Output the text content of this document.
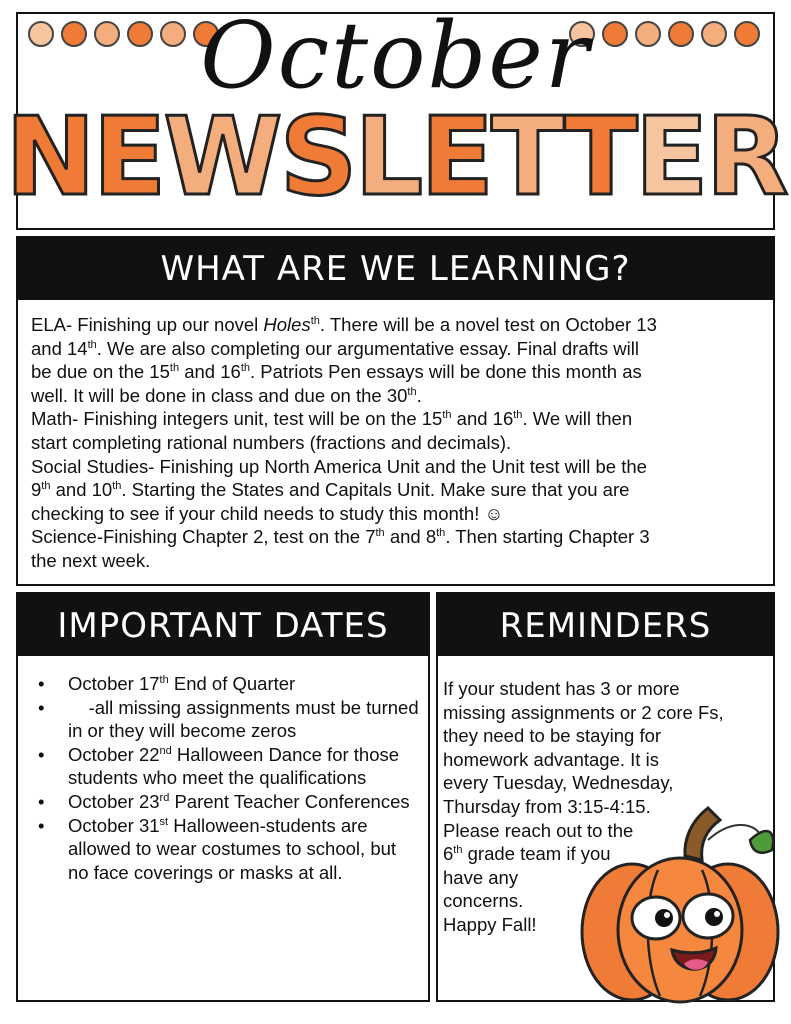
October
NEWSLETTER
WHAT ARE WE LEARNING?
ELA- Finishing up our novel Holes$^{th}$. There will be a novel test on October 13
and 14th. We are also completing our argumentative essay. Final drafts will
be due on the 15th and 16th. Patriots Pen essays will be done this month as
well. It will be done in class and due on the 30th.
Math- Finishing integers unit, test will be on the 15th and 16th. We will then
start completing rational numbers (fractions and decimals).
Social Studies- Finishing up North America Unit and the Unit test will be the
9th and 10th. Starting the States and Capitals Unit. Make sure that you are
checking to see if your child needs to study this month! ☺
Science-Finishing Chapter 2, test on the 7th and 8th. Then starting Chapter 3
the next week.
IMPORTANT DATES
• October 17th End of Quarter
•     -all missing assignments must be turned in or they will become zeros
• October 22nd Halloween Dance for those students who meet the qualifications
• October 23rd Parent Teacher Conferences
• October 31st Halloween-students are allowed to wear costumes to school, but no face coverings or masks at all.
REMINDERS
If your student has 3 or more
missing assignments or 2 core Fs,
they need to be staying for
homework advantage. It is
every Tuesday, Wednesday,
Thursday from 3:15-4:15.
Please reach out to the
6th grade team if you
have any
concerns.
Happy Fall!
